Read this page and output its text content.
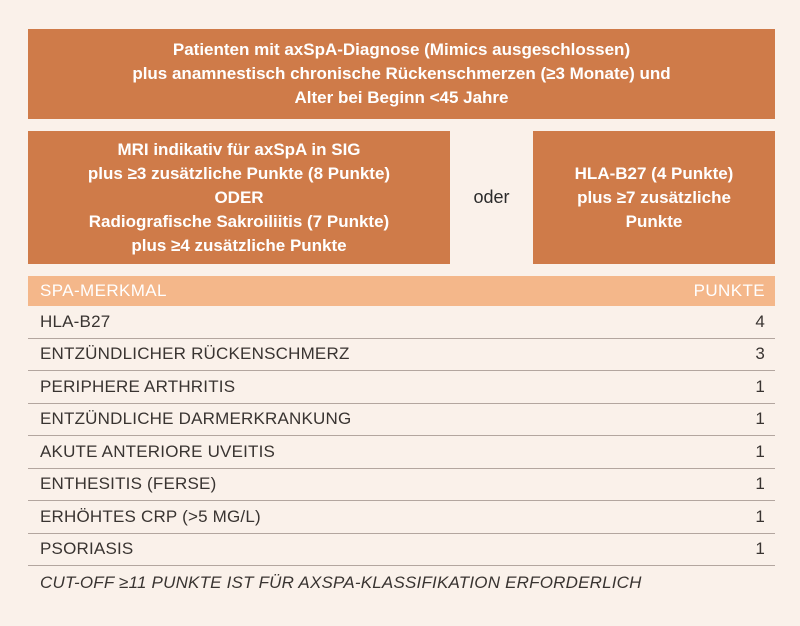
Patienten mit axSpA-Diagnose (Mimics ausgeschlossen)
plus anamnestisch chronische Rückenschmerzen (≥3 Monate) und
Alter bei Beginn <45 Jahre
MRI indikativ für axSpA in SIG
plus ≥3 zusätzliche Punkte (8 Punkte)
ODER
Radiografische Sakroiliitis (7 Punkte)
plus ≥4 zusätzliche Punkte
oder
HLA-B27 (4 Punkte)
plus ≥7 zusätzliche
Punkte
SPA-MERKMAL	PUNKTE
HLA-B27	4
ENTZÜNDLICHER RÜCKENSCHMERZ	3
PERIPHERE ARTHRITIS	1
ENTZÜNDLICHE DARMERKRANKUNG	1
AKUTE ANTERIORE UVEITIS	1
ENTHESITIS (FERSE)	1
ERHÖHTES CRP (>5 MG/L)	1
PSORIASIS	1
CUT-OFF ≥11 PUNKTE IST FÜR AXSPA-KLASSIFIKATION ERFORDERLICH
